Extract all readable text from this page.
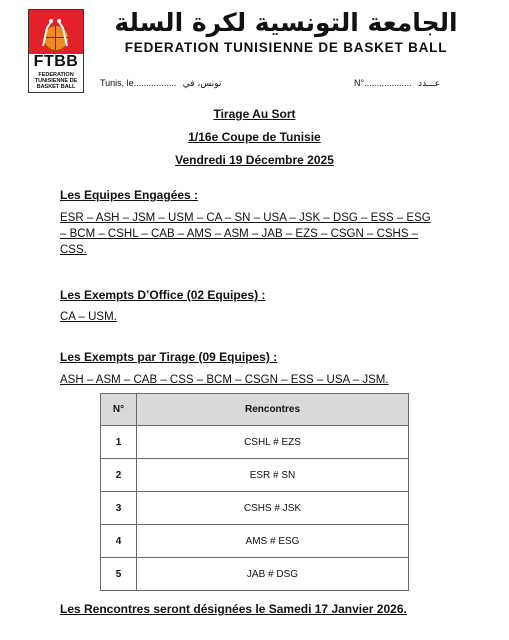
FTBB
FEDERATION TUNISIENNE DE BASKET BALL
الجامعة التونسية لكرة السلة
FEDERATION TUNISIENNE DE BASKET BALL
Tunis, le................. تونس، في	N°................... عـــدد
Tirage Au Sort
1/16e Coupe de Tunisie
Vendredi 19 Décembre 2025
Les Equipes Engagées :
ESR – ASH – JSM – USM – CA – SN – USA – JSK – DSG – ESS – ESG – BCM – CSHL – CAB – AMS – ASM – JAB – EZS – CSGN – CSHS – CSS.
Les Exempts D’Office (02 Equipes) :
CA – USM.
Les Exempts par Tirage (09 Equipes) :
ASH – ASM – CAB – CSS – BCM – CSGN – ESS – USA – JSM.
N°	Rencontres
1	CSHL # EZS
2	ESR # SN
3	CSHS # JSK
4	AMS # ESG
5	JAB # DSG
Les Rencontres seront désignées le Samedi 17 Janvier 2026.
